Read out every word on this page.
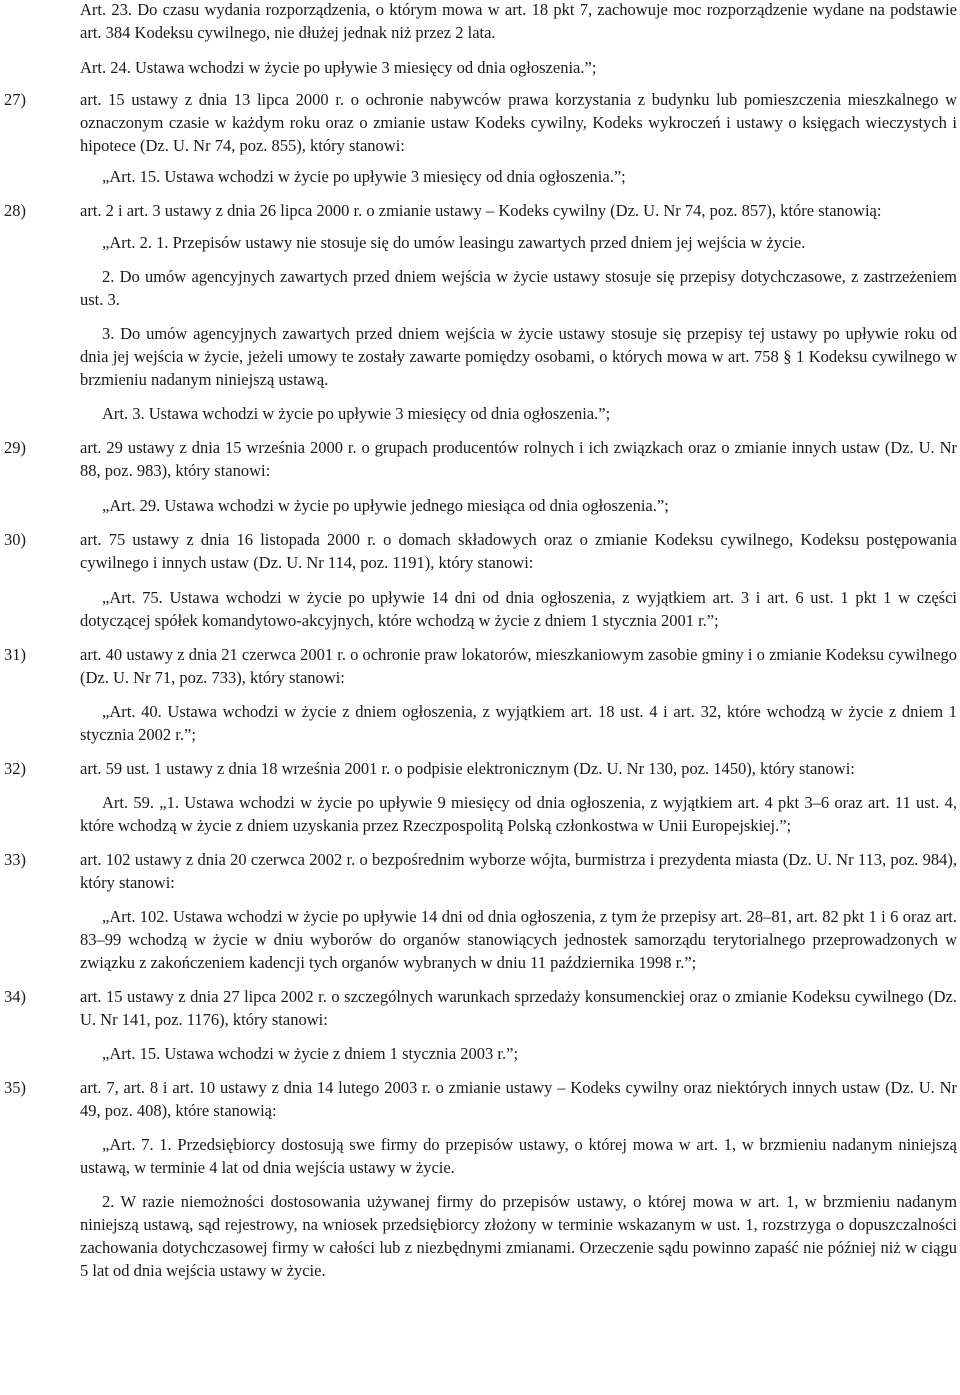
Art. 23. Do czasu wydania rozporządzenia, o którym mowa w art. 18 pkt 7, zachowuje moc rozporządzenie wydane na podstawie art. 384 Kodeksu cywilnego, nie dłużej jednak niż przez 2 lata.

Art. 24. Ustawa wchodzi w życie po upływie 3 miesięcy od dnia ogłoszenia.”;

27)	art. 15 ustawy z dnia 13 lipca 2000 r. o ochronie nabywców prawa korzystania z budynku lub pomieszczenia mieszkalnego w oznaczonym czasie w każdym roku oraz o zmianie ustaw Kodeks cywilny, Kodeks wykroczeń i ustawy o księgach wieczystych i hipotece (Dz. U. Nr 74, poz. 855), który stanowi:

„Art. 15. Ustawa wchodzi w życie po upływie 3 miesięcy od dnia ogłoszenia.”;

28)	art. 2 i art. 3 ustawy z dnia 26 lipca 2000 r. o zmianie ustawy – Kodeks cywilny (Dz. U. Nr 74, poz. 857), które stanowią:

„Art. 2. 1. Przepisów ustawy nie stosuje się do umów leasingu zawartych przed dniem jej wejścia w życie.

2. Do umów agencyjnych zawartych przed dniem wejścia w życie ustawy stosuje się przepisy dotychczasowe, z zastrzeżeniem ust. 3.

3. Do umów agencyjnych zawartych przed dniem wejścia w życie ustawy stosuje się przepisy tej ustawy po upływie roku od dnia jej wejścia w życie, jeżeli umowy te zostały zawarte pomiędzy osobami, o których mowa w art. 758 § 1 Kodeksu cywilnego w brzmieniu nadanym niniejszą ustawą.

Art. 3. Ustawa wchodzi w życie po upływie 3 miesięcy od dnia ogłoszenia.”;

29)	art. 29 ustawy z dnia 15 września 2000 r. o grupach producentów rolnych i ich związkach oraz o zmianie innych ustaw (Dz. U. Nr 88, poz. 983), który stanowi:

„Art. 29. Ustawa wchodzi w życie po upływie jednego miesiąca od dnia ogłoszenia.”;

30)	art. 75 ustawy z dnia 16 listopada 2000 r. o domach składowych oraz o zmianie Kodeksu cywilnego, Kodeksu postępowania cywilnego i innych ustaw (Dz. U. Nr 114, poz. 1191), który stanowi:

„Art. 75. Ustawa wchodzi w życie po upływie 14 dni od dnia ogłoszenia, z wyjątkiem art. 3 i art. 6 ust. 1 pkt 1 w części dotyczącej spółek komandytowo-akcyjnych, które wchodzą w życie z dniem 1 stycznia 2001 r.”;

31)	art. 40 ustawy z dnia 21 czerwca 2001 r. o ochronie praw lokatorów, mieszkaniowym zasobie gminy i o zmianie Kodeksu cywilnego (Dz. U. Nr 71, poz. 733), który stanowi:

„Art. 40. Ustawa wchodzi w życie z dniem ogłoszenia, z wyjątkiem art. 18 ust. 4 i art. 32, które wchodzą w życie z dniem 1 stycznia 2002 r.”;

32)	art. 59 ust. 1 ustawy z dnia 18 września 2001 r. o podpisie elektronicznym (Dz. U. Nr 130, poz. 1450), który stanowi:

Art. 59. „1. Ustawa wchodzi w życie po upływie 9 miesięcy od dnia ogłoszenia, z wyjątkiem art. 4 pkt 3–6 oraz art. 11 ust. 4, które wchodzą w życie z dniem uzyskania przez Rzeczpospolitą Polską członkostwa w Unii Europejskiej.”;

33)	art. 102 ustawy z dnia 20 czerwca 2002 r. o bezpośrednim wyborze wójta, burmistrza i prezydenta miasta (Dz. U. Nr 113, poz. 984), który stanowi:

„Art. 102. Ustawa wchodzi w życie po upływie 14 dni od dnia ogłoszenia, z tym że przepisy art. 28–81, art. 82 pkt 1 i 6 oraz art. 83–99 wchodzą w życie w dniu wyborów do organów stanowiących jednostek samorządu terytorialnego przeprowadzonych w związku z zakończeniem kadencji tych organów wybranych w dniu 11 października 1998 r.”;

34)	art. 15 ustawy z dnia 27 lipca 2002 r. o szczególnych warunkach sprzedaży konsumenckiej oraz o zmianie Kodeksu cywilnego (Dz. U. Nr 141, poz. 1176), który stanowi:

„Art. 15. Ustawa wchodzi w życie z dniem 1 stycznia 2003 r.”;

35)	art. 7, art. 8 i art. 10 ustawy z dnia 14 lutego 2003 r. o zmianie ustawy – Kodeks cywilny oraz niektórych innych ustaw (Dz. U. Nr 49, poz. 408), które stanowią:

„Art. 7. 1. Przedsiębiorcy dostosują swe firmy do przepisów ustawy, o której mowa w art. 1, w brzmieniu nadanym niniejszą ustawą, w terminie 4 lat od dnia wejścia ustawy w życie.

2. W razie niemożności dostosowania używanej firmy do przepisów ustawy, o której mowa w art. 1, w brzmieniu nadanym niniejszą ustawą, sąd rejestrowy, na wniosek przedsiębiorcy złożony w terminie wskazanym w ust. 1, rozstrzyga o dopuszczalności zachowania dotychczasowej firmy w całości lub z niezbędnymi zmianami. Orzeczenie sądu powinno zapaść nie później niż w ciągu 5 lat od dnia wejścia ustawy w życie.
